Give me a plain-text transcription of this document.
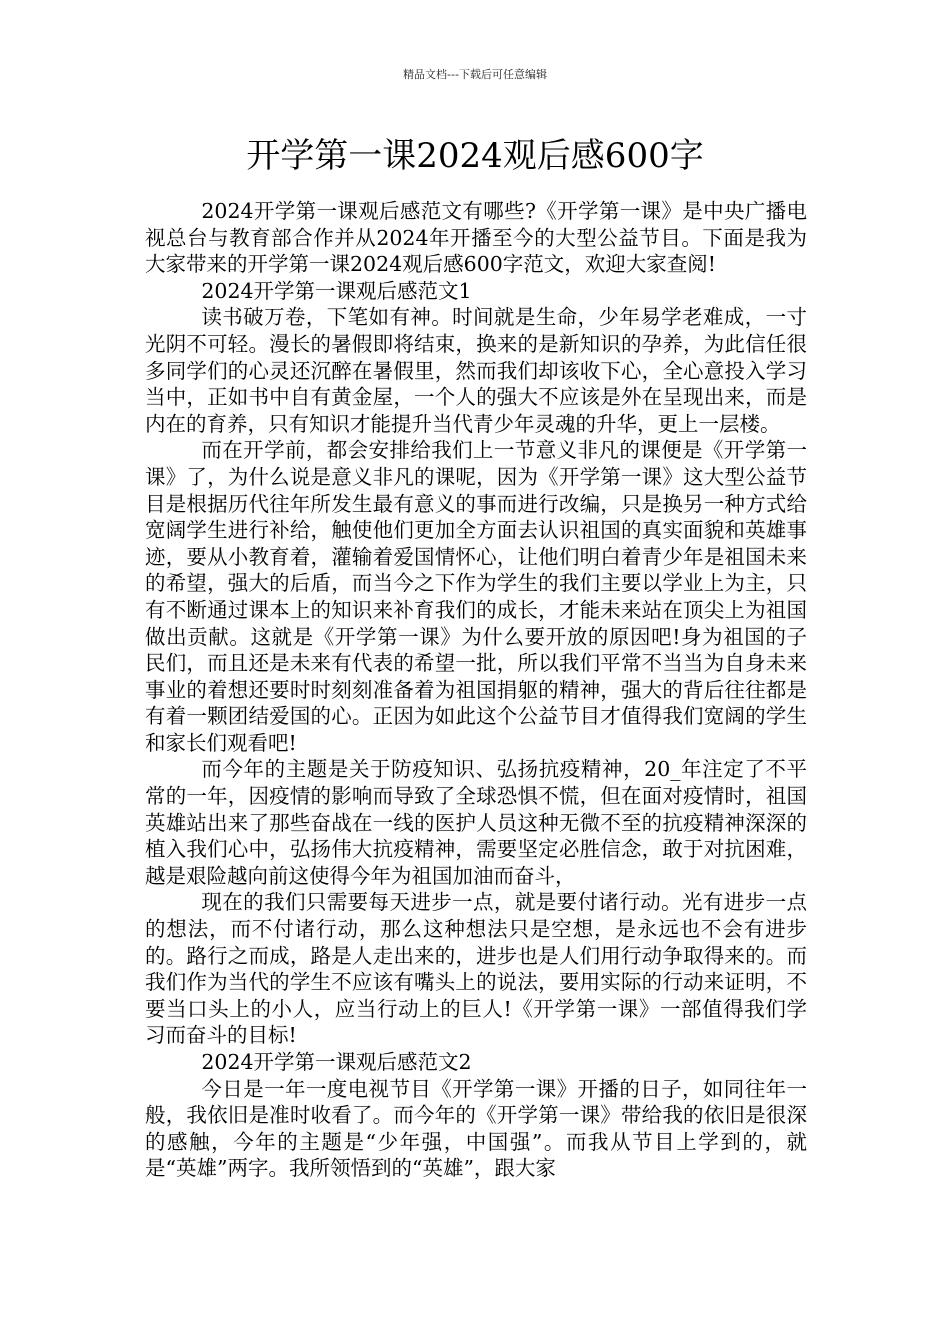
精品文档---下载后可任意编辑
开学第一课2024观后感600字

2024开学第一课观后感范文有哪些?《开学第一课》是中央广播电视总台与教育部合作并从2024年开播至今的大型公益节目。下面是我为大家带来的开学第一课2024观后感600字范文，欢迎大家查阅!

2024开学第一课观后感范文1

读书破万卷，下笔如有神。时间就是生命，少年易学老难成，一寸光阴不可轻。漫长的暑假即将结束，换来的是新知识的孕养，为此信任很多同学们的心灵还沉醉在暑假里，然而我们却该收下心，全心意投入学习当中，正如书中自有黄金屋，一个人的强大不应该是外在呈现出来，而是内在的育养，只有知识才能提升当代青少年灵魂的升华，更上一层楼。

而在开学前，都会安排给我们上一节意义非凡的课便是《开学第一课》了，为什么说是意义非凡的课呢，因为《开学第一课》这大型公益节目是根据历代往年所发生最有意义的事而进行改编，只是换另一种方式给宽阔学生进行补给，触使他们更加全方面去认识祖国的真实面貌和英雄事迹，要从小教育着，灌输着爱国情怀心，让他们明白着青少年是祖国未来的希望，强大的后盾，而当今之下作为学生的我们主要以学业上为主，只有不断通过课本上的知识来补育我们的成长，才能未来站在顶尖上为祖国做出贡献。这就是《开学第一课》为什么要开放的原因吧!身为祖国的子民们，而且还是未来有代表的希望一批，所以我们平常不当当为自身未来事业的着想还要时时刻刻准备着为祖国捐躯的精神，强大的背后往往都是有着一颗团结爱国的心。正因为如此这个公益节目才值得我们宽阔的学生和家长们观看吧!

而今年的主题是关于防疫知识、弘扬抗疫精神，20_年注定了不平常的一年，因疫情的影响而导致了全球恐惧不慌，但在面对疫情时，祖国英雄站出来了那些奋战在一线的医护人员这种无微不至的抗疫精神深深的植入我们心中，弘扬伟大抗疫精神，需要坚定必胜信念，敢于对抗困难，越是艰险越向前这使得今年为祖国加油而奋斗，

现在的我们只需要每天进步一点，就是要付诸行动。光有进步一点的想法，而不付诸行动，那么这种想法只是空想，是永远也不会有进步的。路行之而成，路是人走出来的，进步也是人们用行动争取得来的。而我们作为当代的学生不应该有嘴头上的说法，要用实际的行动来证明，不要当口头上的小人，应当行动上的巨人!《开学第一课》一部值得我们学习而奋斗的目标!

2024开学第一课观后感范文2

今日是一年一度电视节目《开学第一课》开播的日子，如同往年一般，我依旧是准时收看了。而今年的《开学第一课》带给我的依旧是很深的感触，今年的主题是“少年强，中国强”。而我从节目上学到的，就是“英雄”两字。我所领悟到的“英雄”，跟大家
